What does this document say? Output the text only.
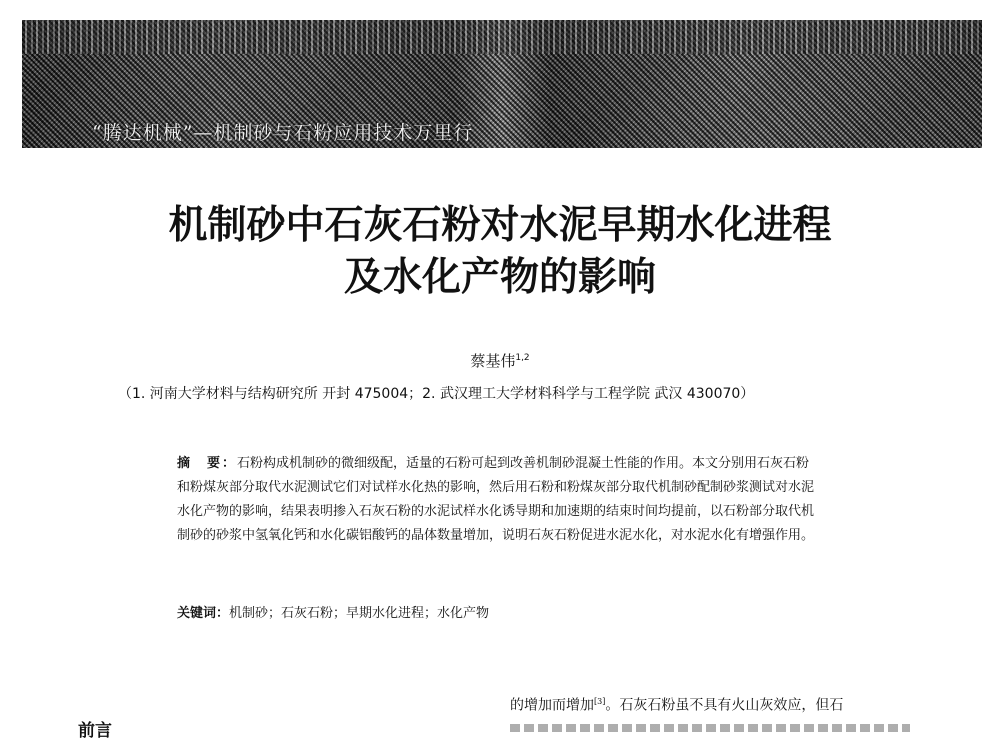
“腾达机械”—机制砂与石粉应用技术万里行
机制砂中石灰石粉对水泥早期水化进程
及水化产物的影响
蔡基伟$^{1,2}$
（1. 河南大学材料与结构研究所 开封 475004；2. 武汉理工大学材料科学与工程学院 武汉 430070）
摘　要：石粉构成机制砂的微细级配，适量的石粉可起到改善机制砂混凝土性能的作用。本文分别用石灰石粉和粉煤灰部分取代水泥测试它们对试样水化热的影响，然后用石粉和粉煤灰部分取代机制砂配制砂浆测试对水泥水化产物的影响，结果表明掺入石灰石粉的水泥试样水化诱导期和加速期的结束时间均提前，以石粉部分取代机制砂的砂浆中氢氧化钙和水化碳铝酸钙的晶体数量增加，说明石灰石粉促进水泥水化，对水泥水化有增强作用。
关键词：机制砂；石灰石粉；早期水化进程；水化产物
前言
的增加而增加[3]。石灰石粉虽不具有火山灰效应，但石
